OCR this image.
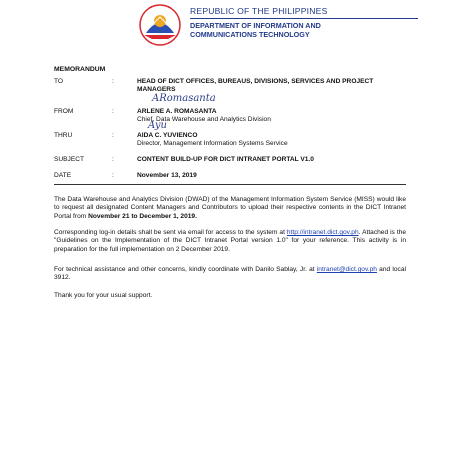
REPUBLIC OF THE PHILIPPINES
DEPARTMENT OF INFORMATION AND
COMMUNICATIONS TECHNOLOGY
MEMORANDUM
TO	:	HEAD OF DICT OFFICES, BUREAUS, DIVISIONS, SERVICES AND PROJECT MANAGERS
ARomasanta
FROM	:	ARLENE A. ROMASANTA
Chief, Data Warehouse and Analytics Division
Ayu
THRU	:	AIDA C. YUVIENCO
Director, Management Information Systems Service
SUBJECT	:	CONTENT BUILD-UP FOR DICT INTRANET PORTAL V1.0
DATE	:	November 13, 2019
The Data Warehouse and Analytics Division (DWAD) of the Management Information System Service (MISS) would like to request all designated Content Managers and Contributors to upload their respective contents in the DICT Intranet Portal from November 21 to December 1, 2019.
Corresponding log-in details shall be sent via email for access to the system at http://intranet.dict.gov.ph. Attached is the "Guidelines on the Implementation of the DICT Intranet Portal version 1.0" for your reference. This activity is in preparation for the full implementation on 2 December 2019.
For technical assistance and other concerns, kindly coordinate with Danilo Sablay, Jr. at intranet@dict.gov.ph and local 3912.
Thank you for your usual support.
